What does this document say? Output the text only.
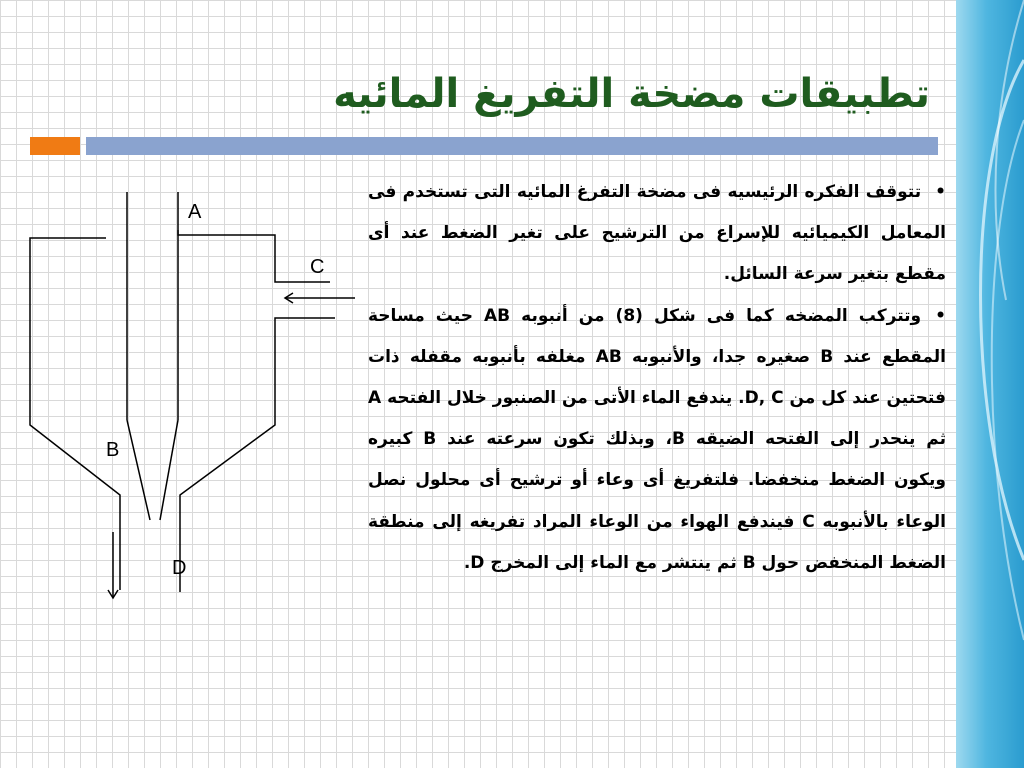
تطبيقات مضخة التفريغ المائيه
A
C
B
D

•تتوقف الفكره الرئيسيه فى مضخة التفرغ المائيه التى تستخدم فى المعامل الكيميائيه للإسراع من الترشيح على تغير الضغط عند أى مقطع بتغير سرعة السائل.

•وتتركب المضخه كما فى شكل (8) من أنبوبه AB حيث مساحة المقطع عند B صغيره جدا، والأنبوبه AB مغلفه بأنبوبه مقفله ذات فتحتين عند كل من D, C. يندفع الماء الأتى من الصنبور خلال الفتحه A ثم ينحدر إلى الفتحه الضيقه B، وبذلك تكون سرعته عند B كبيره ويكون الضغط منخفضا. فلتفريغ أى وعاء أو ترشيح أى محلول نصل الوعاء بالأنبوبه C فيندفع الهواء من الوعاء المراد تفريغه إلى منطقة الضغط المنخفض حول B ثم ينتشر مع الماء إلى المخرج D.
